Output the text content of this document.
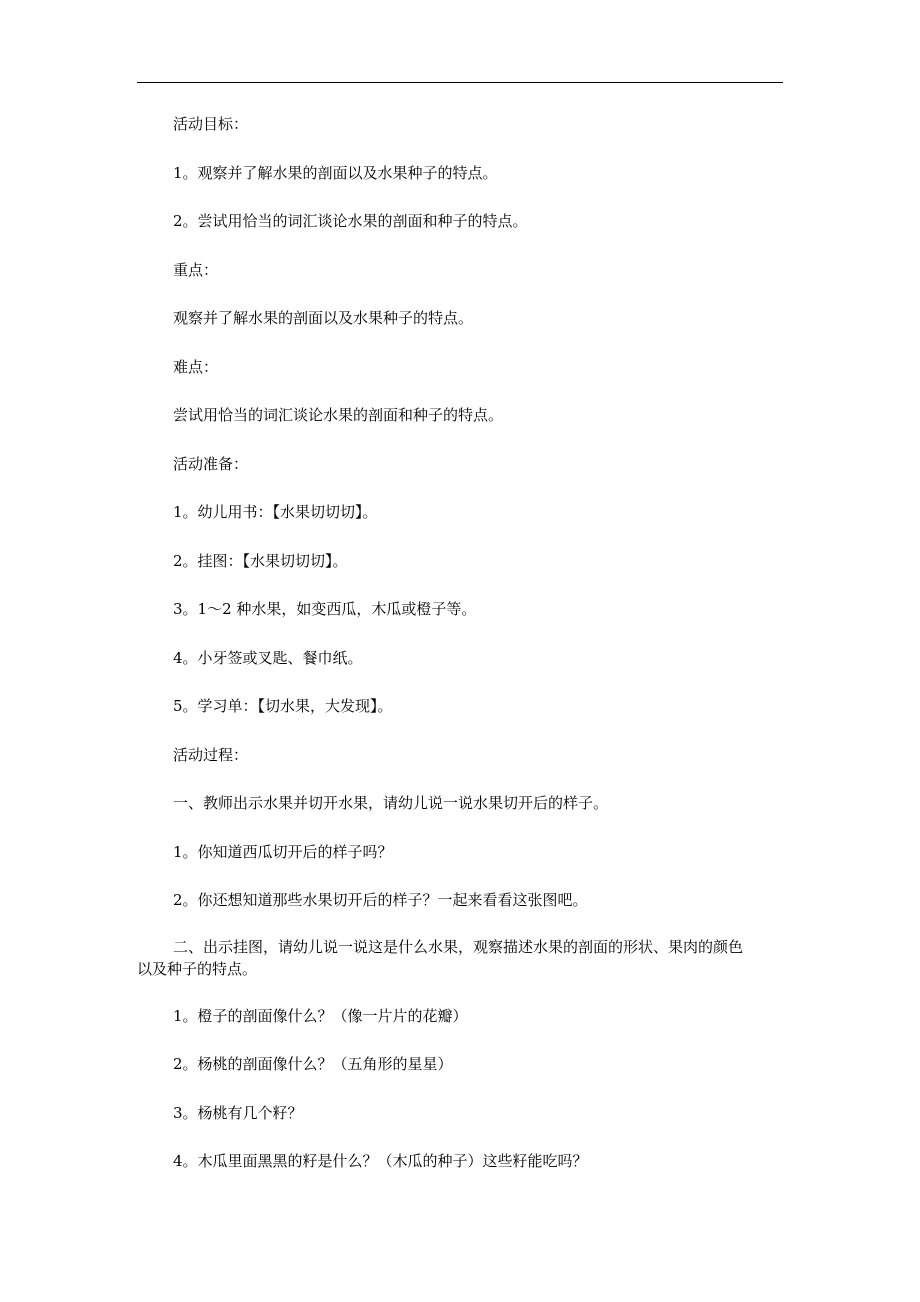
活动目标：

1。观察并了解水果的剖面以及水果种子的特点。

2。尝试用恰当的词汇谈论水果的剖面和种子的特点。

重点：

观察并了解水果的剖面以及水果种子的特点。

难点：

尝试用恰当的词汇谈论水果的剖面和种子的特点。

活动准备：

1。幼儿用书：【水果切切切】。

2。挂图：【水果切切切】。

3。1～2 种水果，如变西瓜，木瓜或橙子等。

4。小牙签或叉匙、餐巾纸。

5。学习单：【切水果，大发现】。

活动过程：

一、教师出示水果并切开水果，请幼儿说一说水果切开后的样子。

1。你知道西瓜切开后的样子吗？

2。你还想知道那些水果切开后的样子？一起来看看这张图吧。

二、出示挂图，请幼儿说一说这是什么水果，观察描述水果的剖面的形状、果肉的颜色
以及种子的特点。

1。橙子的剖面像什么？（像一片片的花瓣）

2。杨桃的剖面像什么？（五角形的星星）

3。杨桃有几个籽？

4。木瓜里面黑黑的籽是什么？（木瓜的种子）这些籽能吃吗？
